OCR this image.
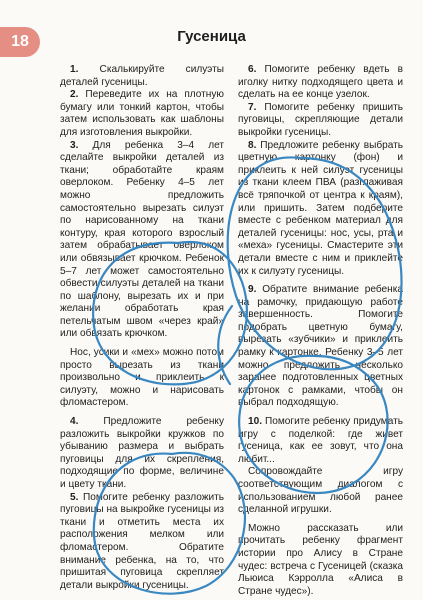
18	Гусеница

1. Скалькируйте силуэты деталей гусеницы.

2. Переведите их на плотную бумагу или тонкий картон, чтобы затем использовать как шаблоны для изготовления выкройки.

3. Для ребенка 3–4 лет сделайте выкройки деталей из ткани; обработайте краям оверлоком. Ребенку 4–5 лет можно предложить самостоятельно вырезать силуэт по нарисованному на ткани контуру, края которого взрослый затем обрабатывает оверлоком или обвязывает крючком. Ребенок 5–7 лет может самостоятельно обвести силуэты деталей на ткани по шаблону, вырезать их и при желании обработать края петельчатым швом «через край» или обвязать крючком.

Нос, усики и «мех» можно потом просто вырезать из ткани произвольно и приклеить к силуэту, можно и нарисовать фломастером.

4. Предложите ребенку разложить выкройки кружков по убыванию размера и выбрать пуговицы для их скрепления, подходящие по форме, величине и цвету ткани.

5. Помогите ребенку разложить пуговицы на выкройке гусеницы из ткани и отметить места их расположения мелком или фломастером. Обратите внимание ребенка, на то, что пришитая пуговица скрепляет детали выкройки гусеницы.

6. Помогите ребенку вдеть в иголку нитку подходящего цвета и сделать на ее конце узелок.

7. Помогите ребенку пришить пуговицы, скрепляющие детали выкройки гусеницы.

8. Предложите ребенку выбрать цветную картонку (фон) и приклеить к ней силуэт гусеницы из ткани клеем ПВА (разглаживая всё тряпочкой от центра к краям), или пришить. Затем подберите вместе с ребенком материал для деталей гусеницы: нос, усы, рта и «меха» гусеницы. Смастерите эти детали вместе с ним и приклейте их к силуэту гусеницы.

9. Обратите внимание ребенка на рамочку, придающую работе завершенность. Помогите подобрать цветную бумагу, вырезать «зубчики» и приклеить рамку к картонке. Ребенку 3–5 лет можно предложить несколько заранее подготовленных цветных картонок с рамками, чтобы он выбрал подходящую.

10. Помогите ребенку придумать игру с поделкой: где живет гусеница, как ее зовут, что она любит...

Сопровождайте игру соответствующим диалогом с использованием любой ранее сделанной игрушки.

Можно рассказать или прочитать ребенку фрагмент истории про Алису в Стране чудес: встреча с Гусеницей (сказка Льюиса Кэрролла «Алиса в Стране чудес»).
